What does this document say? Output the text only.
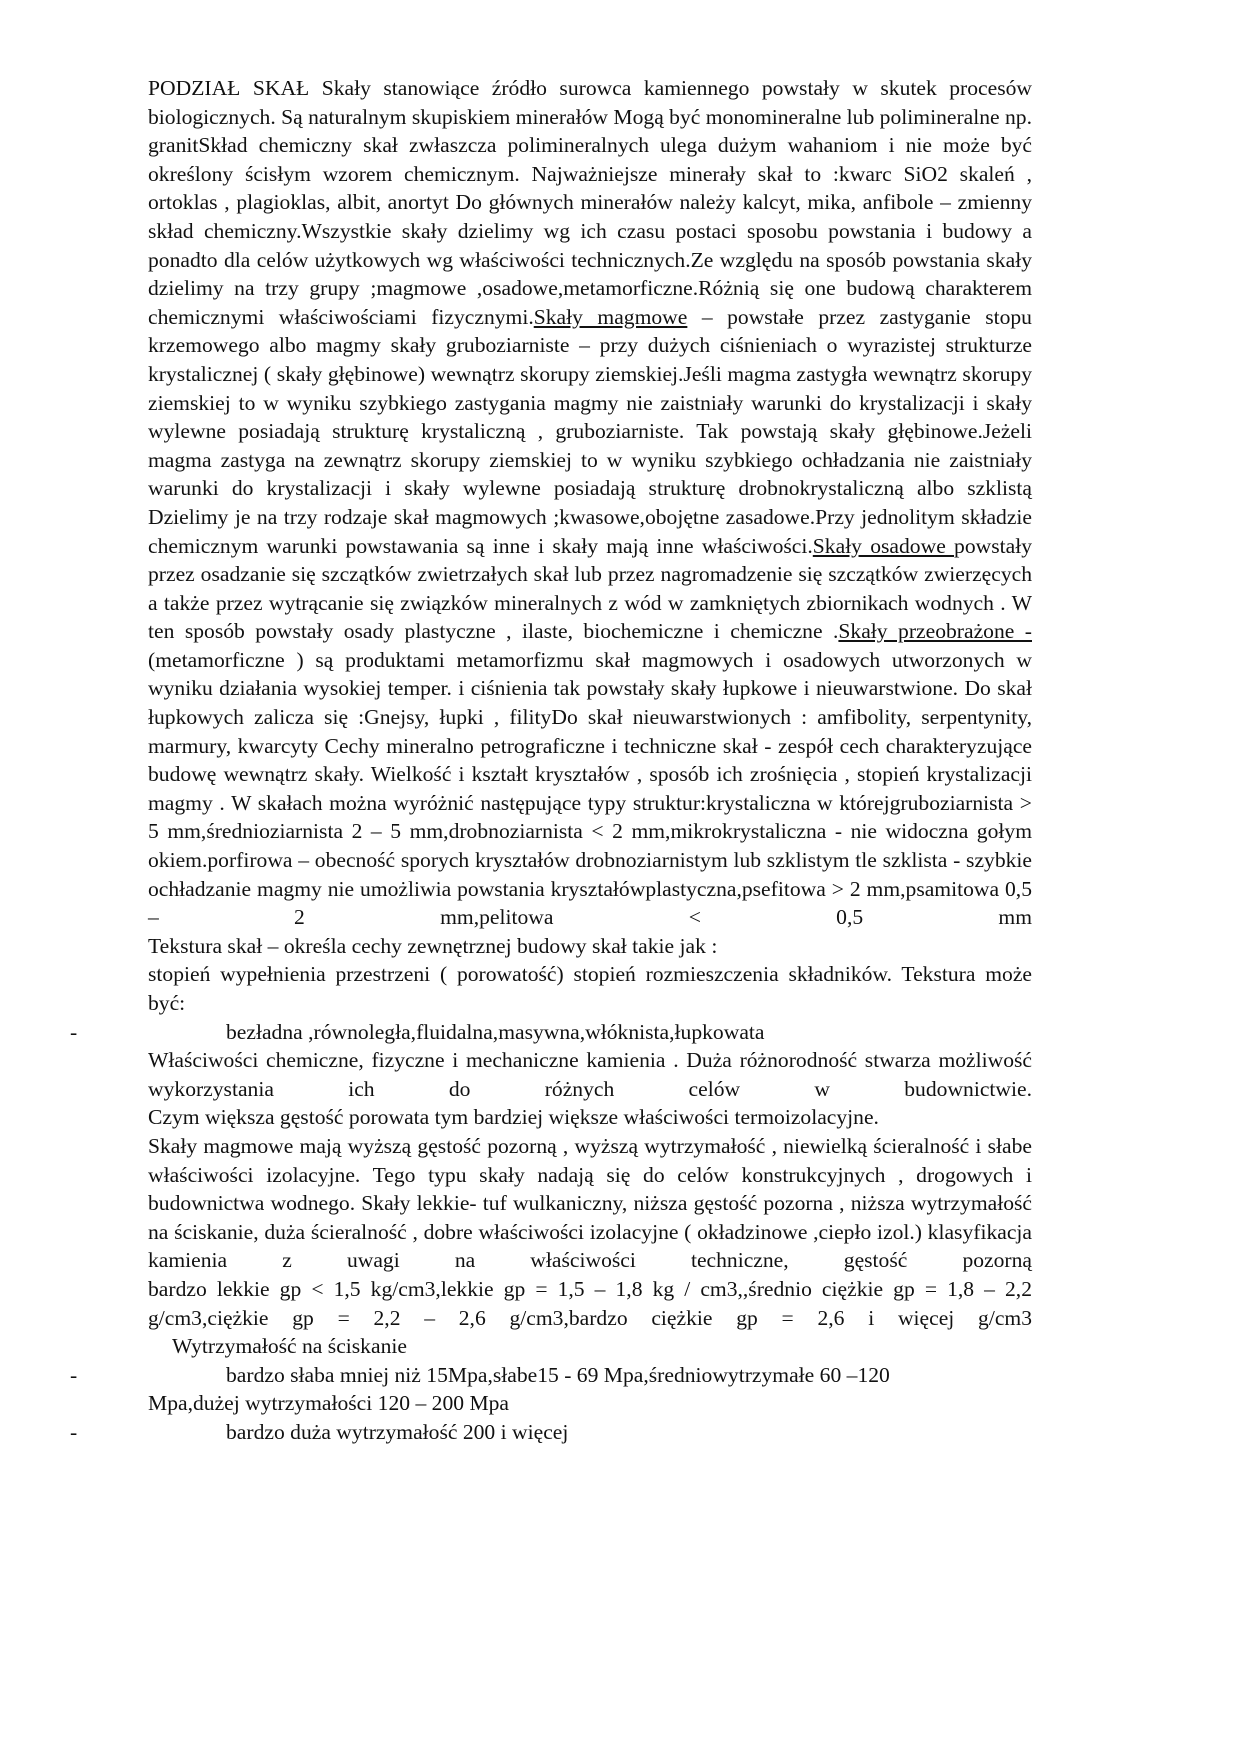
PODZIAŁ SKAŁ Skały stanowiące źródło surowca kamiennego powstały w skutek procesów biologicznych. Są naturalnym skupiskiem minerałów Mogą być monomineralne lub polimineralne np. granitSkład chemiczny skał zwłaszcza polimineralnych ulega dużym wahaniom i nie może być określony ścisłym wzorem chemicznym. Najważniejsze minerały skał to :kwarc SiO2 skaleń , ortoklas , plagioklas, albit, anortyt Do głównych minerałów należy kalcyt, mika, anfibole – zmienny skład chemiczny.Wszystkie skały dzielimy wg ich czasu postaci sposobu powstania i budowy a ponadto dla celów użytkowych wg właściwości technicznych.Ze względu na sposób powstania skały dzielimy na trzy grupy ;magmowe ,osadowe,metamorficzne.Różnią się one budową charakterem chemicznymi właściwościami fizycznymi.Skały magmowe – powstałe przez zastyganie stopu krzemowego albo magmy skały gruboziarniste – przy dużych ciśnieniach o wyrazistej strukturze krystalicznej ( skały głębinowe) wewnątrz skorupy ziemskiej.Jeśli magma zastygła wewnątrz skorupy ziemskiej to w wyniku szybkiego zastygania magmy nie zaistniały warunki do krystalizacji i skały wylewne posiadają strukturę krystaliczną , gruboziarniste. Tak powstają skały głębinowe.Jeżeli magma zastyga na zewnątrz skorupy ziemskiej to w wyniku szybkiego ochładzania nie zaistniały warunki do krystalizacji i skały wylewne posiadają strukturę drobnokrystaliczną albo szklistą

Dzielimy je na trzy rodzaje skał magmowych ;kwasowe,obojętne zasadowe.Przy jednolitym składzie chemicznym warunki powstawania są inne i skały mają inne właściwości.Skały osadowe powstały przez osadzanie się szczątków zwietrzałych skał lub przez nagromadzenie się szczątków zwierzęcych a także przez wytrącanie się związków mineralnych z wód w zamkniętych zbiornikach wodnych . W ten sposób powstały osady plastyczne , ilaste, biochemiczne i chemiczne .Skały przeobrażone - (metamorficzne ) są produktami metamorfizmu skał magmowych i osadowych utworzonych w wyniku działania wysokiej temper. i ciśnienia tak powstały skały łupkowe i nieuwarstwione. Do skał łupkowych zalicza się :Gnejsy, łupki , filityDo skał nieuwarstwionych : amfibolity, serpentynity, marmury, kwarcyty Cechy mineralno petrograficzne i techniczne skał - zespół cech charakteryzujące budowę wewnątrz skały. Wielkość i kształt kryształów , sposób ich zrośnięcia , stopień krystalizacji magmy . W skałach można wyróżnić następujące typy struktur:krystaliczna w którejgruboziarnista > 5 mm,średnioziarnista 2 – 5 mm,drobnoziarnista < 2 mm,mikrokrystaliczna - nie widoczna gołym okiem.porfirowa – obecność sporych kryształów drobnoziarnistym lub szklistym tle szklista - szybkie ochładzanie magmy nie umożliwia powstania kryształówplastyczna,psefitowa > 2 mm,psamitowa 0,5 – 2 mm,pelitowa < 0,5 mm

Tekstura skał – określa cechy zewnętrznej budowy skał takie jak :

stopień wypełnienia przestrzeni ( porowatość) stopień rozmieszczenia składników. Tekstura może być:

-	bezładna ,równoległa,fluidalna,masywna,włóknista,łupkowata

Właściwości chemiczne, fizyczne i mechaniczne kamienia . Duża różnorodność stwarza możliwość wykorzystania ich do różnych celów w budownictwie.

Czym większa gęstość porowata tym bardziej większe właściwości termoizolacyjne.

Skały magmowe mają wyższą gęstość pozorną , wyższą wytrzymałość , niewielką ścieralność i słabe właściwości izolacyjne. Tego typu skały nadają się do celów konstrukcyjnych , drogowych i budownictwa wodnego. Skały lekkie- tuf wulkaniczny, niższa gęstość pozorna , niższa wytrzymałość na ściskanie, duża ścieralność , dobre właściwości izolacyjne ( okładzinowe ,ciepło izol.) klasyfikacja kamienia z uwagi na właściwości techniczne, gęstość pozorną

bardzo lekkie gp < 1,5 kg/cm3,lekkie gp = 1,5 – 1,8 kg / cm3,,średnio ciężkie gp = 1,8 – 2,2 g/cm3,ciężkie gp = 2,2 – 2,6 g/cm3,bardzo ciężkie gp = 2,6 i więcej g/cm3

Wytrzymałość na ściskanie

-	bardzo słaba mniej niż 15Mpa,słabe15 - 69 Mpa,średniowytrzymałe 60 –120

Mpa,dużej wytrzymałości 120 – 200 Mpa

-	bardzo duża wytrzymałość 200 i więcej
